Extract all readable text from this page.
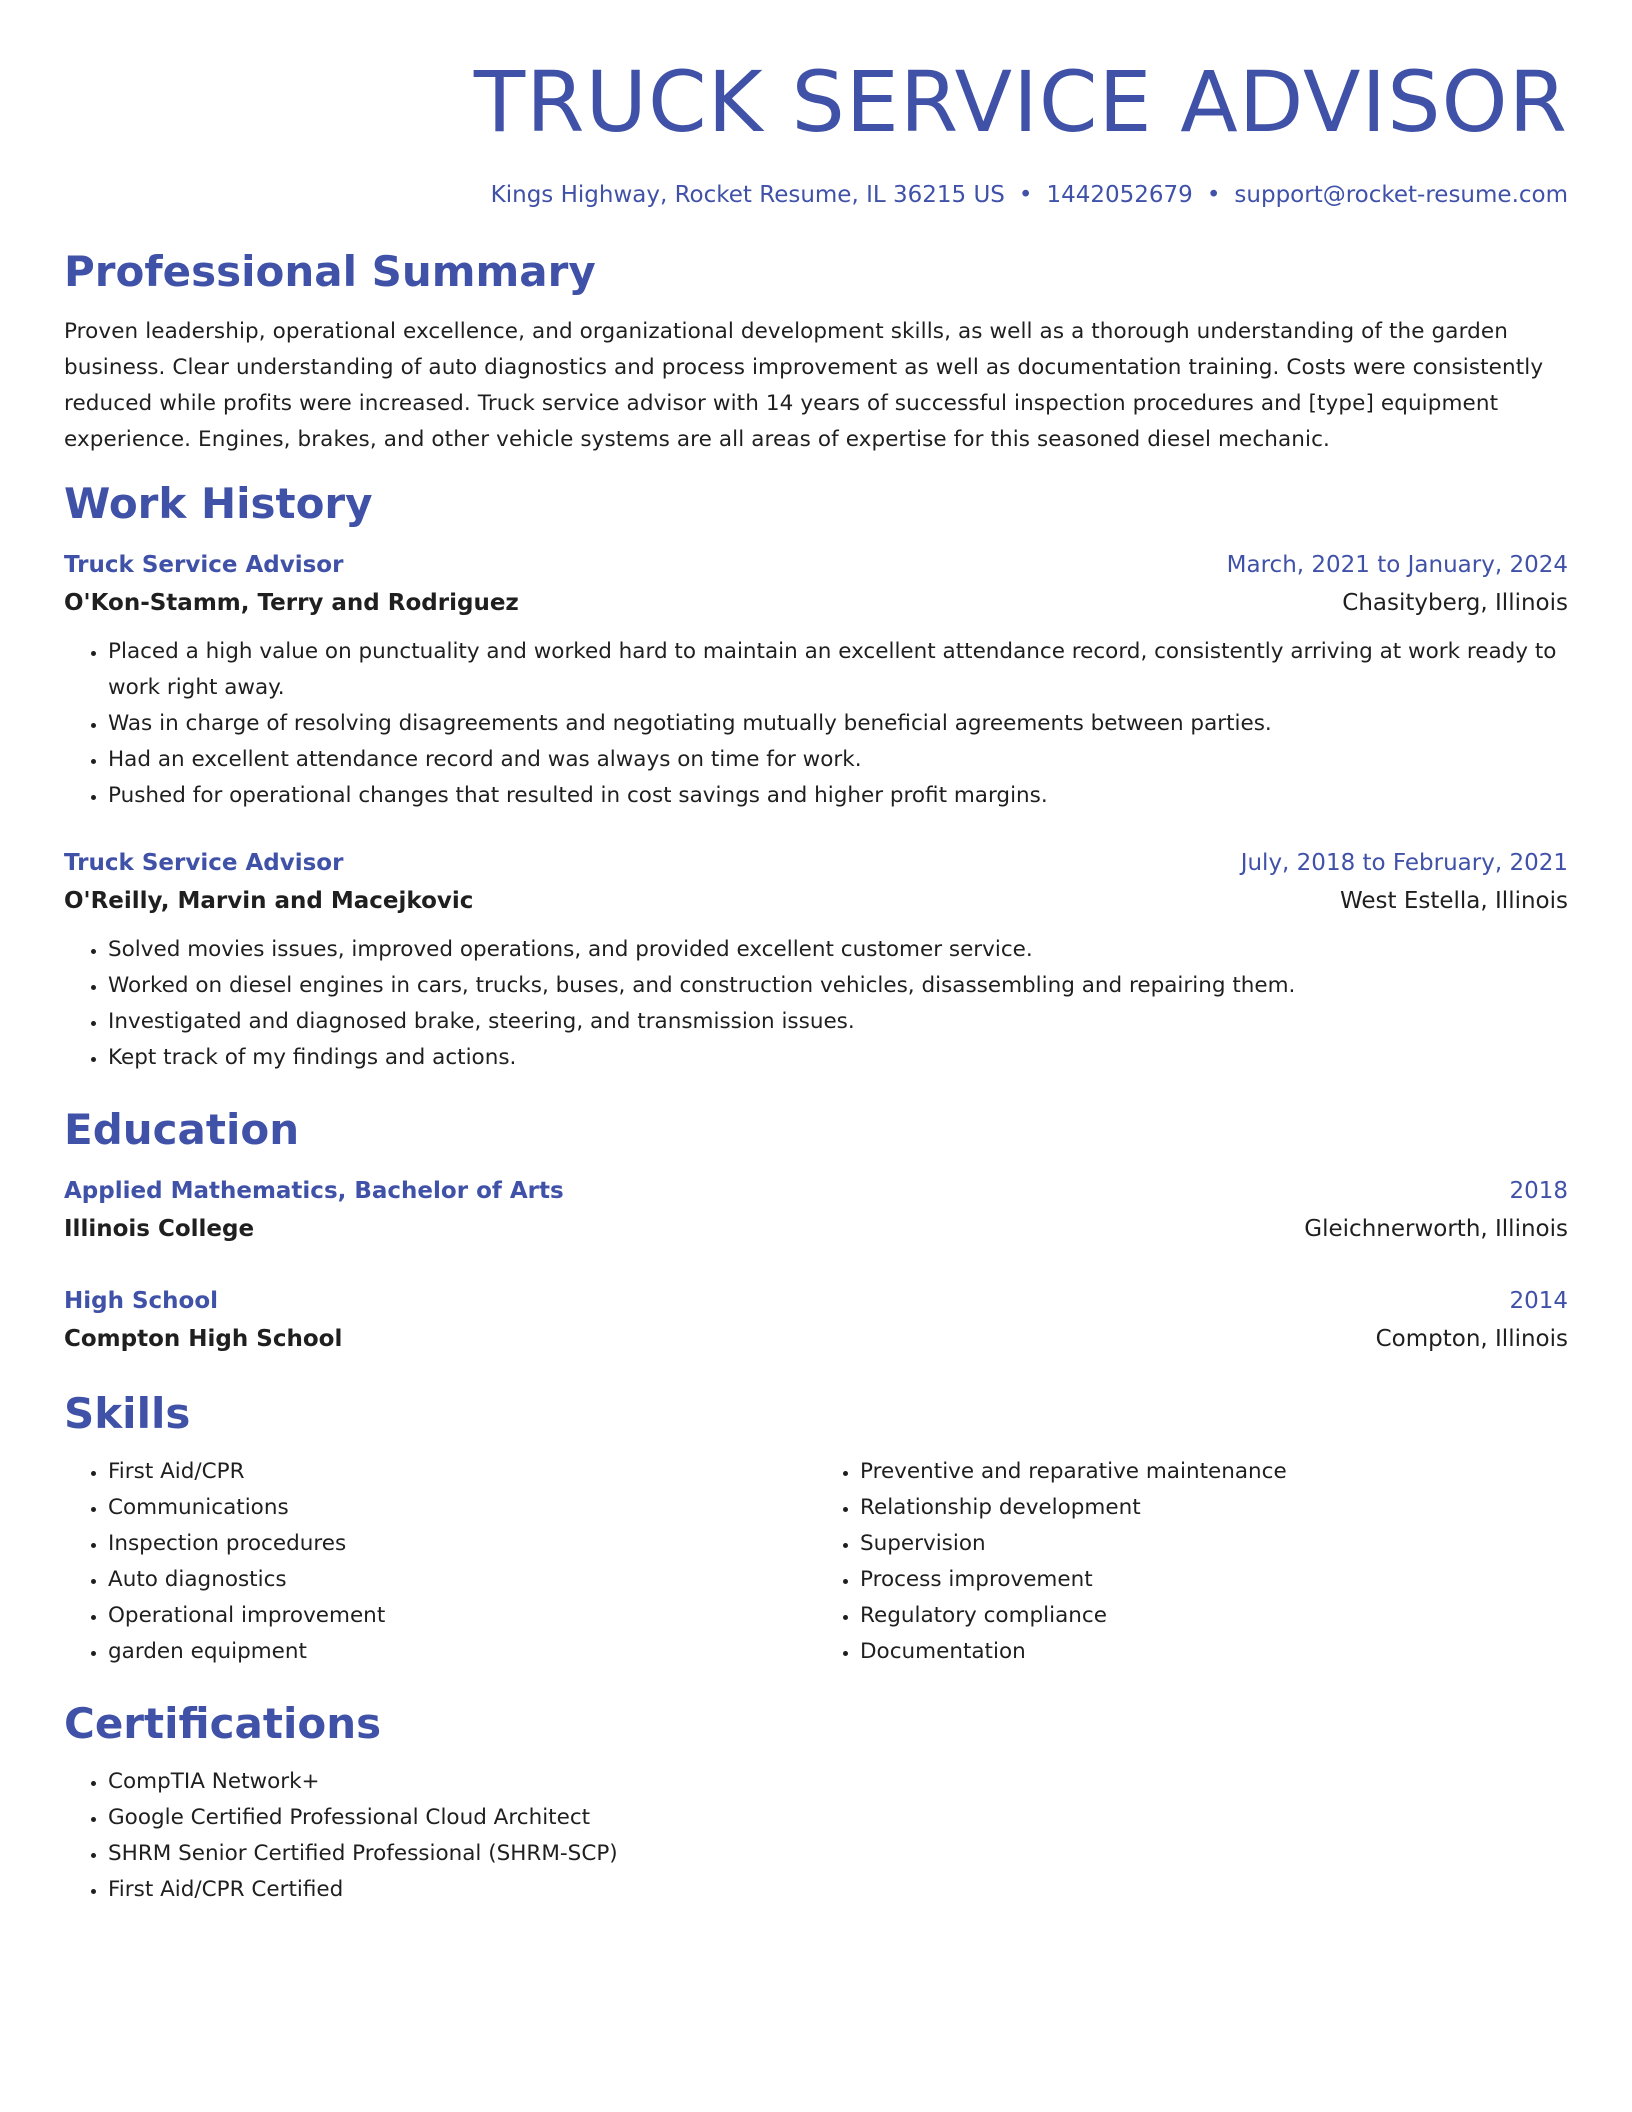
TRUCK SERVICE ADVISOR
Kings Highway, Rocket Resume, IL 36215 US • 1442052679 • support@rocket-resume.com
Professional Summary
Proven leadership, operational excellence, and organizational development skills, as well as a thorough understanding of the garden business. Clear understanding of auto diagnostics and process improvement as well as documentation training. Costs were consistently reduced while profits were increased. Truck service advisor with 14 years of successful inspection procedures and [type] equipment experience. Engines, brakes, and other vehicle systems are all areas of expertise for this seasoned diesel mechanic.
Work History
Truck Service Advisor	March, 2021 to January, 2024
O'Kon-Stamm, Terry and Rodriguez	Chasityberg, Illinois
• Placed a high value on punctuality and worked hard to maintain an excellent attendance record, consistently arriving at work ready to work right away.
• Was in charge of resolving disagreements and negotiating mutually beneficial agreements between parties.
• Had an excellent attendance record and was always on time for work.
• Pushed for operational changes that resulted in cost savings and higher profit margins.
Truck Service Advisor	July, 2018 to February, 2021
O'Reilly, Marvin and Macejkovic	West Estella, Illinois
• Solved movies issues, improved operations, and provided excellent customer service.
• Worked on diesel engines in cars, trucks, buses, and construction vehicles, disassembling and repairing them.
• Investigated and diagnosed brake, steering, and transmission issues.
• Kept track of my findings and actions.
Education
Applied Mathematics, Bachelor of Arts	2018
Illinois College	Gleichnerworth, Illinois
High School	2014
Compton High School	Compton, Illinois
Skills
• First Aid/CPR
• Communications
• Inspection procedures
• Auto diagnostics
• Operational improvement
• garden equipment
• Preventive and reparative maintenance
• Relationship development
• Supervision
• Process improvement
• Regulatory compliance
• Documentation
Certifications
• CompTIA Network+
• Google Certified Professional Cloud Architect
• SHRM Senior Certified Professional (SHRM-SCP)
• First Aid/CPR Certified
